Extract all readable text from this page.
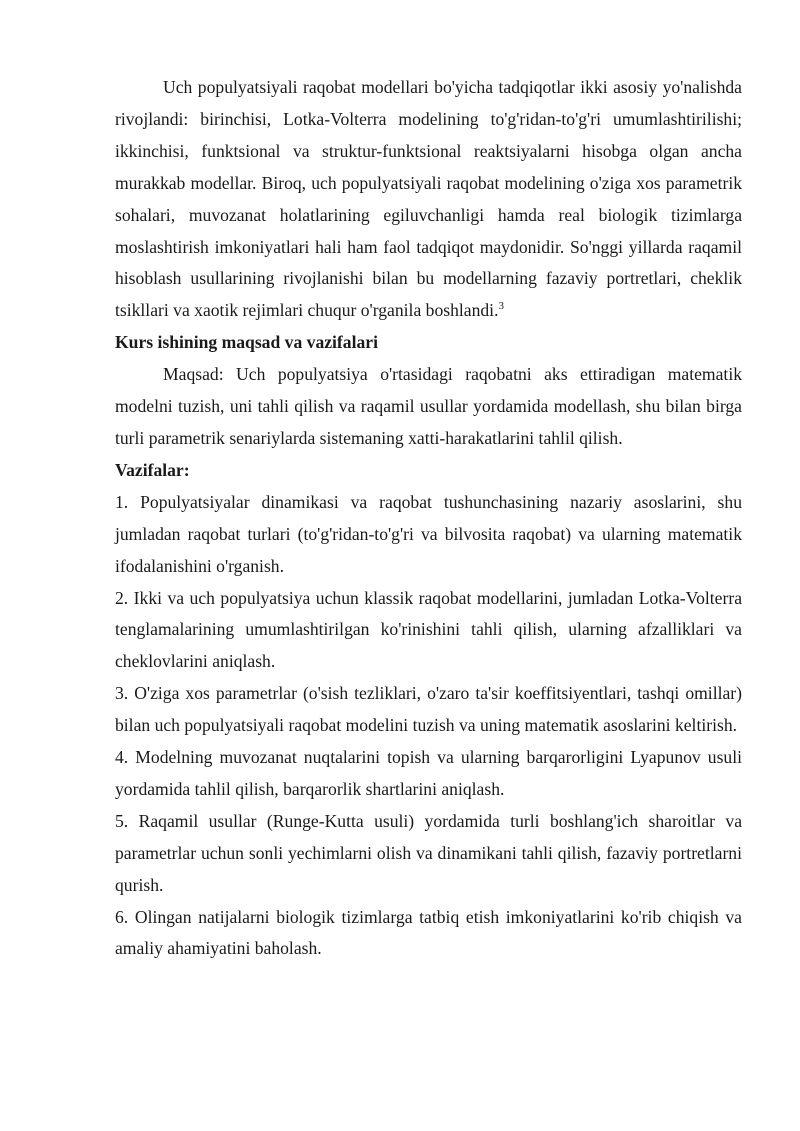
Uch populyatsiyali raqobat modellari bo'yicha tadqiqotlar ikki asosiy yo'nalishda rivojlandi: birinchisi, Lotka-Volterra modelining to'g'ridan-to'g'ri umumlashtirilishi; ikkinchisi, funktsional va struktur-funktsional reaktsiyalarni hisobga olgan ancha murakkab modellar. Biroq, uch populyatsiyali raqobat modelining o'ziga xos parametrik sohalari, muvozanat holatlarining egiluvchanligi hamda real biologik tizimlarga moslashtirish imkoniyatlari hali ham faol tadqiqot maydonidir. So'nggi yillarda raqamil hisoblash usullarining rivojlanishi bilan bu modellarning fazaviy portretlari, cheklik tsikllari va xaotik rejimlari chuqur o'rganila boshlandi.$^3$

Kurs ishining maqsad va vazifalari

Maqsad: Uch populyatsiya o'rtasidagi raqobatni aks ettiradigan matematik modelni tuzish, uni tahli qilish va raqamil usullar yordamida modellash, shu bilan birga turli parametrik senariylarda sistemaning xatti-harakatlarini tahlil qilish.

Vazifalar:

1. Populyatsiyalar dinamikasi va raqobat tushunchasining nazariy asoslarini, shu jumladan raqobat turlari (to'g'ridan-to'g'ri va bilvosita raqobat) va ularning matematik ifodalanishini o'rganish.

2. Ikki va uch populyatsiya uchun klassik raqobat modellarini, jumladan Lotka-Volterra tenglamalarining umumlashtirilgan ko'rinishini tahli qilish, ularning afzalliklari va cheklovlarini aniqlash.

3. O'ziga xos parametrlar (o'sish tezliklari, o'zaro ta'sir koeffitsiyentlari, tashqi omillar) bilan uch populyatsiyali raqobat modelini tuzish va uning matematik asoslarini keltirish.

4. Modelning muvozanat nuqtalarini topish va ularning barqarorligini Lyapunov usuli yordamida tahlil qilish, barqarorlik shartlarini aniqlash.

5. Raqamil usullar (Runge-Kutta usuli) yordamida turli boshlang'ich sharoitlar va parametrlar uchun sonli yechimlarni olish va dinamikani tahli qilish, fazaviy portretlarni qurish.

6. Olingan natijalarni biologik tizimlarga tatbiq etish imkoniyatlarini ko'rib chiqish va amaliy ahamiyatini baholash.
